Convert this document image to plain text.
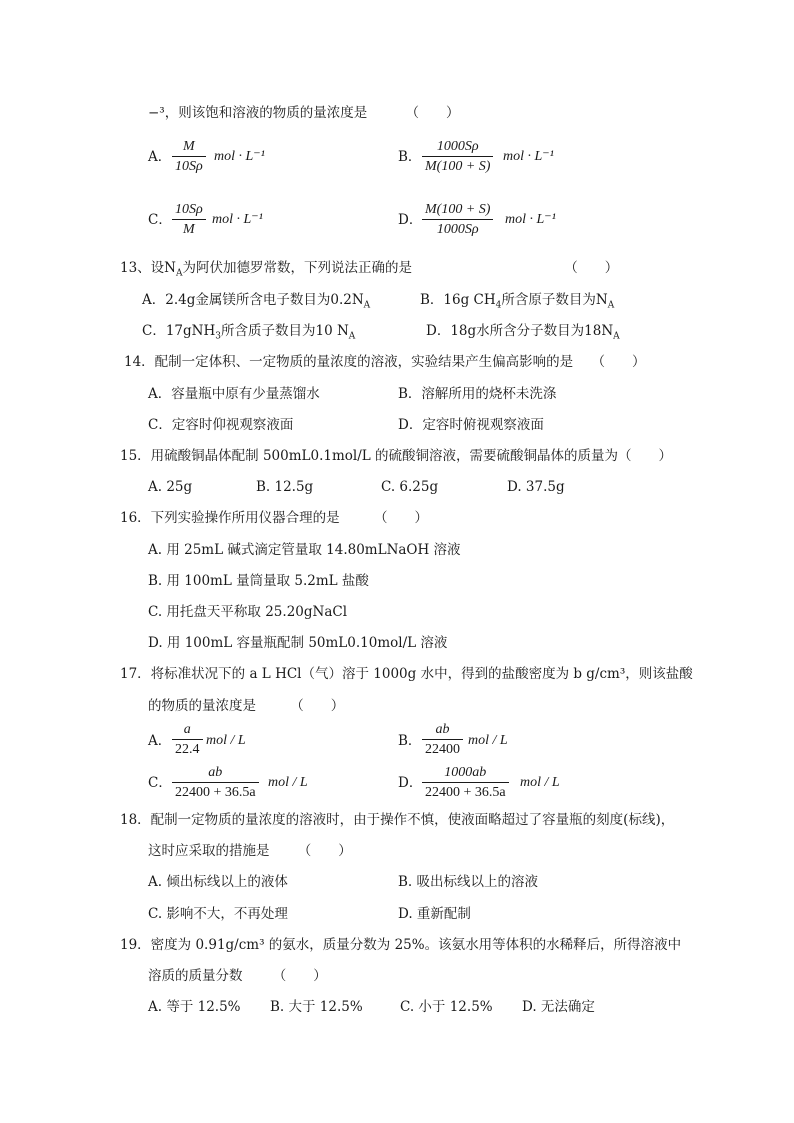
−³，则该饱和溶液的物质的量浓度是	（　　）
A．
M
10Sρ
mol · L⁻¹	B．
1000Sρ
M(100 + S)
mol · L⁻¹
C．
10Sρ
M
mol · L⁻¹	D．
M(100 + S)
1000Sρ
mol · L⁻¹
13、设$N_A$为阿伏加德罗常数，下列说法正确的是	（　　）
A．2.4g金属镁所含电子数目为$0.2N_A$	B．16g $CH_4$所含原子数目为$N_A$
C．17gNH$_3$所含质子数目为10 $N_A$	D．18g水所含分子数目为$18N_A$
14．配制一定体积、一定物质的量浓度的溶液，实验结果产生偏高影响的是 （　　）
A．容量瓶中原有少量蒸馏水	B．溶解所用的烧杯未洗涤
C．定容时仰视观察液面	D．定容时俯视观察液面
15．用硫酸铜晶体配制 500mL0.1mol/L 的硫酸铜溶液，需要硫酸铜晶体的质量为（　　）
A. 25g	B. 12.5g	C. 6.25g	D. 37.5g
16．下列实验操作所用仪器合理的是	（　　）
A. 用 25mL 碱式滴定管量取 14.80mLNaOH 溶液
B. 用 100mL 量筒量取 5.2mL 盐酸
C. 用托盘天平称取 25.20gNaCl
D. 用 100mL 容量瓶配制 50mL0.10mol/L 溶液
17．将标准状况下的 a L HCl（气）溶于 1000g 水中，得到的盐酸密度为 b g/cm³，则该盐酸
的物质的量浓度是	（　　）
A．
a
22.4
mol / L	B．
ab
22400
mol / L
C．
ab
22400 + 36.5a
mol / L	D．
1000ab
22400 + 36.5a
mol / L
18．配制一定物质的量浓度的溶液时，由于操作不慎，使液面略超过了容量瓶的刻度(标线)，
这时应采取的措施是 （　　）
A. 倾出标线以上的液体	B. 吸出标线以上的溶液
C. 影响不大，不再处理	D. 重新配制
19．密度为 0.91g/cm³ 的氨水，质量分数为 25%。该氨水用等体积的水稀释后，所得溶液中
溶质的质量分数 （　　）
A. 等于 12.5% B. 大于 12.5%	C. 小于 12.5% D. 无法确定
